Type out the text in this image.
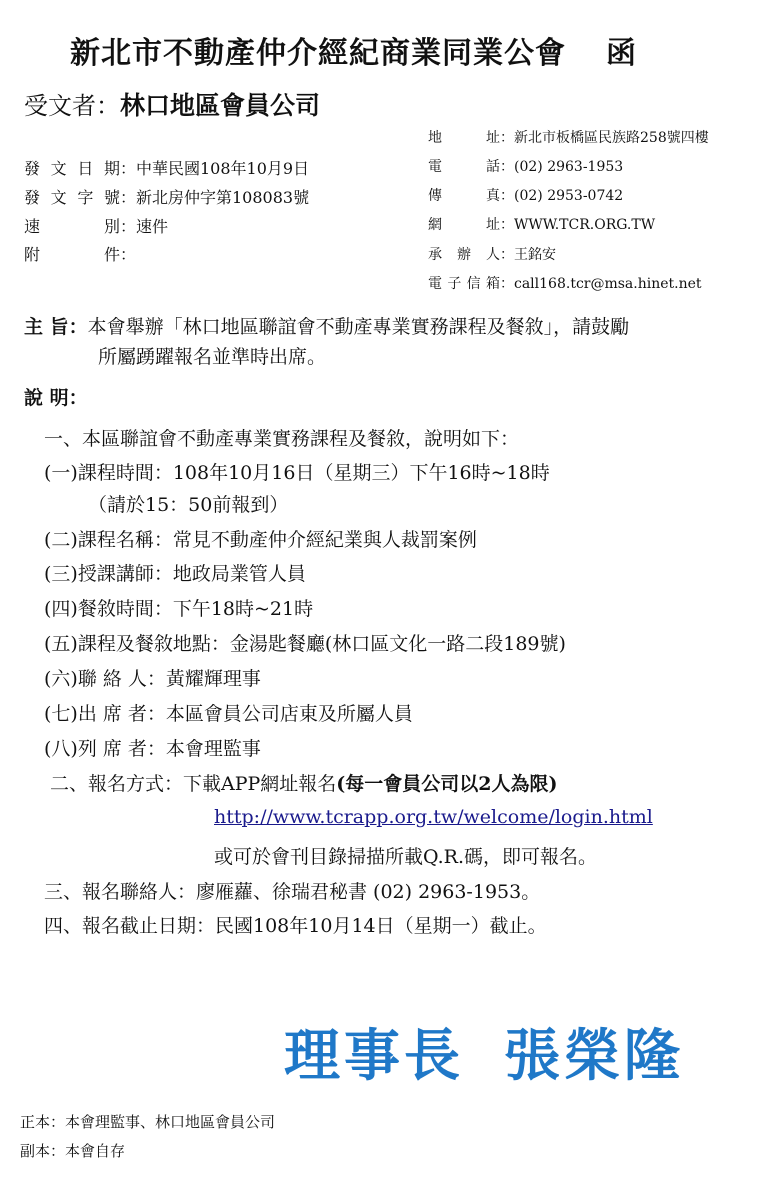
新北市不動產仲介經紀商業同業公會 函
受文者：林口地區會員公司
地 址：新北市板橋區民族路258號四樓
電 話：(02) 2963-1953
傳 真：(02) 2953-0742
網 址：WWW.TCR.ORG.TW
承 辦 人：王銘安
電子信箱：call168.tcr@msa.hinet.net
發文日期：中華民國108年10月9日
發文字號：新北房仲字第108083號
速 別：速件
附 件：
主 旨：本會舉辦「林口地區聯誼會不動產專業實務課程及餐敘」，請鼓勵
所屬踴躍報名並準時出席。
說 明：
一、本區聯誼會不動產專業實務課程及餐敘，說明如下：
(一)課程時間：108年10月16日（星期三）下午16時~18時
（請於15：50前報到）
(二)課程名稱：常見不動產仲介經紀業與人裁罰案例
(三)授課講師：地政局業管人員
(四)餐敘時間：下午18時~21時
(五)課程及餐敘地點：金湯匙餐廳(林口區文化一路二段189號)
(六)聯 絡 人：黃耀輝理事
(七)出 席 者：本區會員公司店東及所屬人員
(八)列 席 者：本會理監事
二、報名方式：下載APP網址報名(每一會員公司以2人為限)
http://www.tcrapp.org.tw/welcome/login.html
或可於會刊目錄掃描所載Q.R.碼，即可報名。
三、報名聯絡人：廖雁蘿、徐瑞君秘書 (02) 2963-1953。
四、報名截止日期：民國108年10月14日（星期一）截止。
理事長 張榮隆
正本：本會理監事、林口地區會員公司
副本：本會自存
